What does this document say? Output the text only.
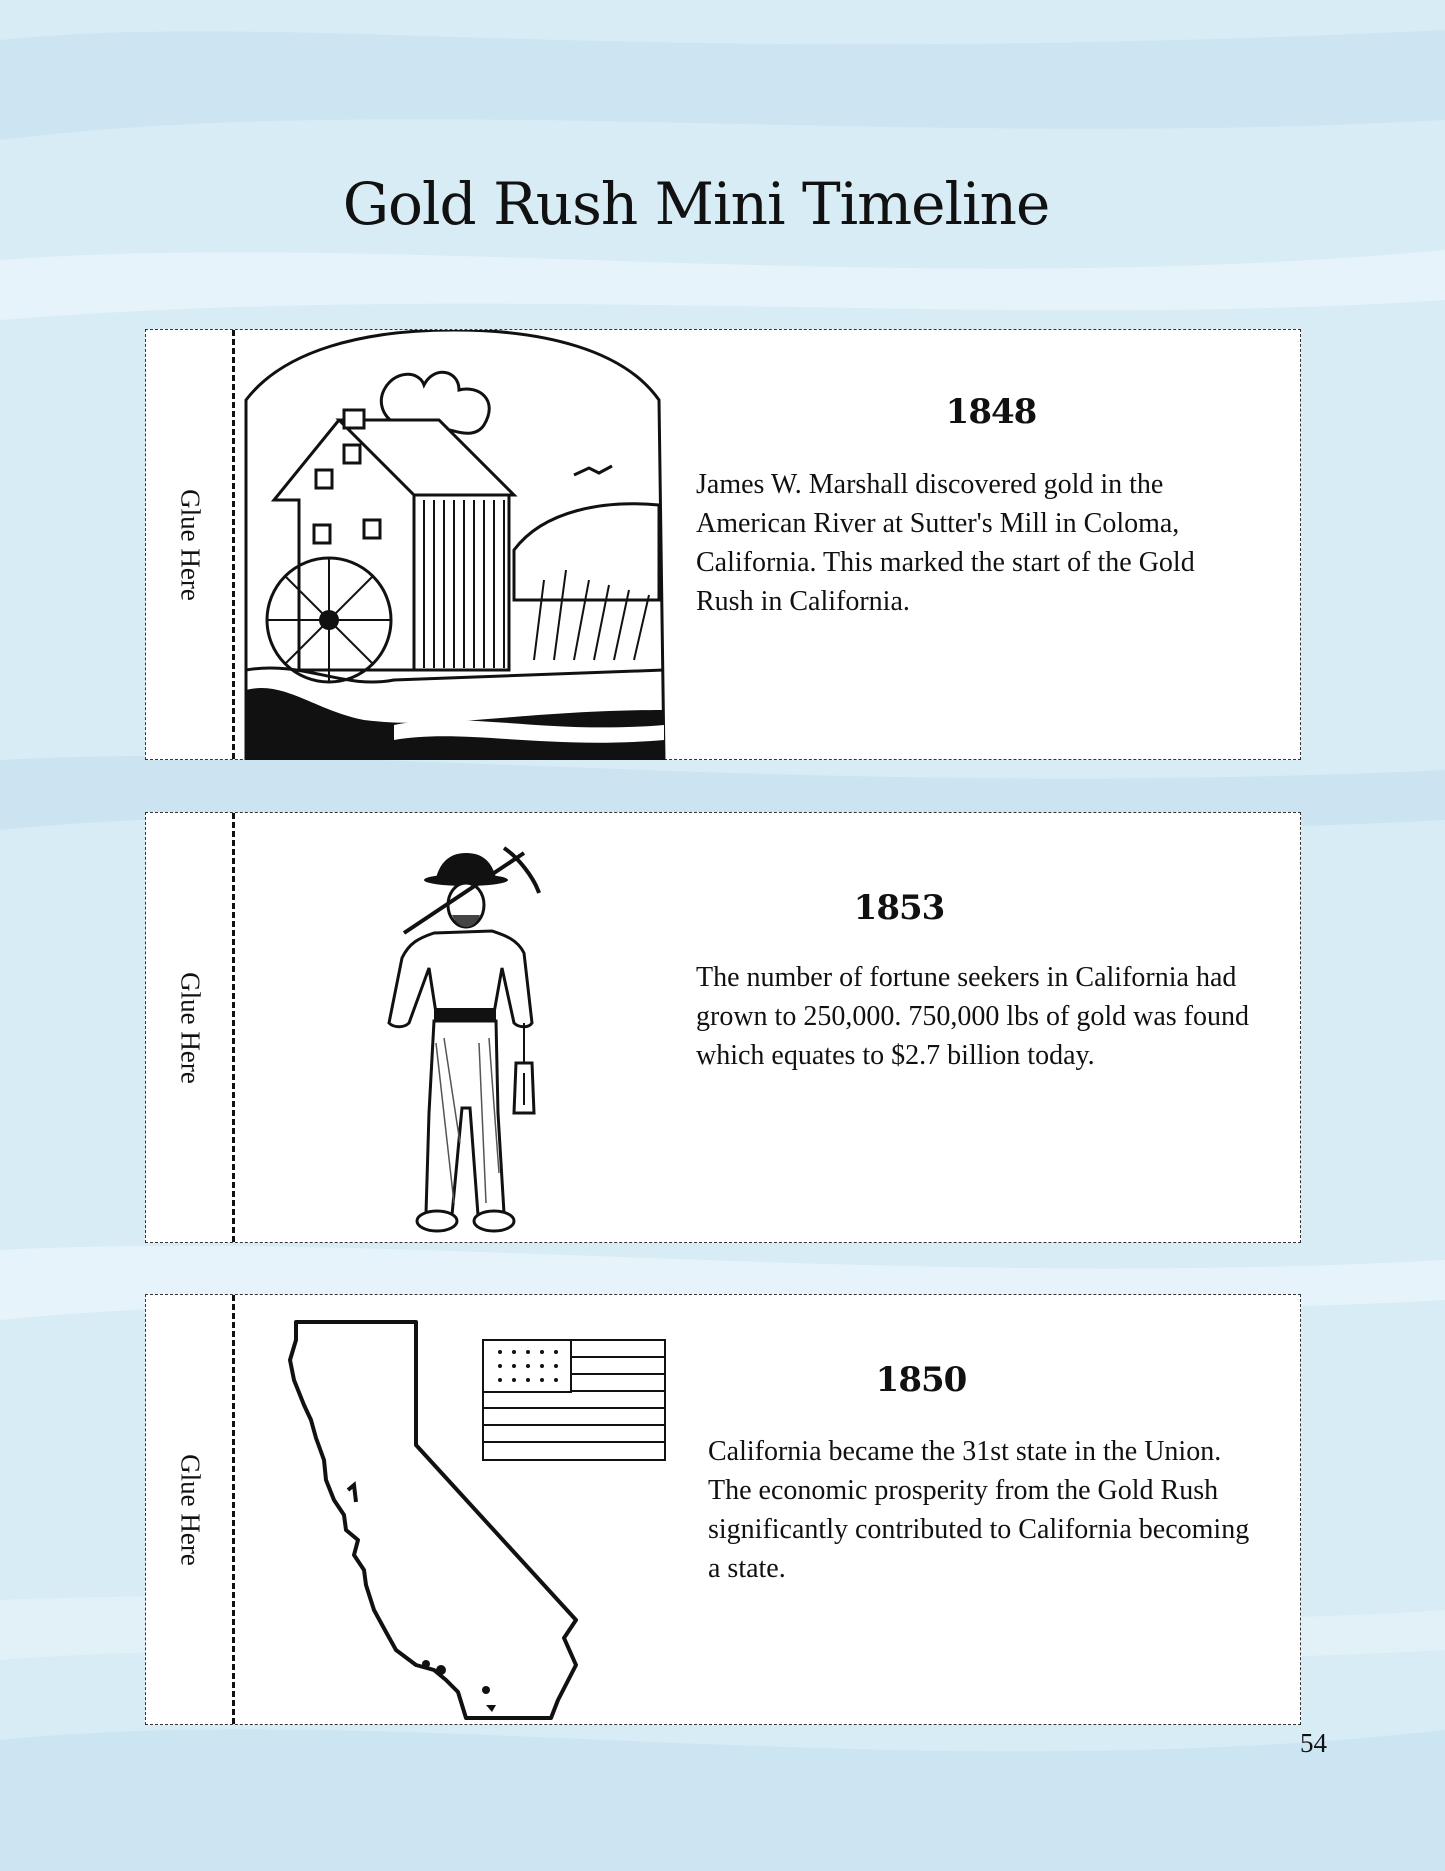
Gold Rush Mini Timeline
Glue Here
1848
James W. Marshall discovered gold in the American River at Sutter's Mill in Coloma, California. This marked the start of the Gold Rush in California.
Glue Here
1853
The number of fortune seekers in California had grown to 250,000. 750,000 lbs of gold was found which equates to $2.7 billion today.
Glue Here
1850
California became the 31st state in the Union. The economic prosperity from the Gold Rush significantly contributed to California becoming a state.
54
